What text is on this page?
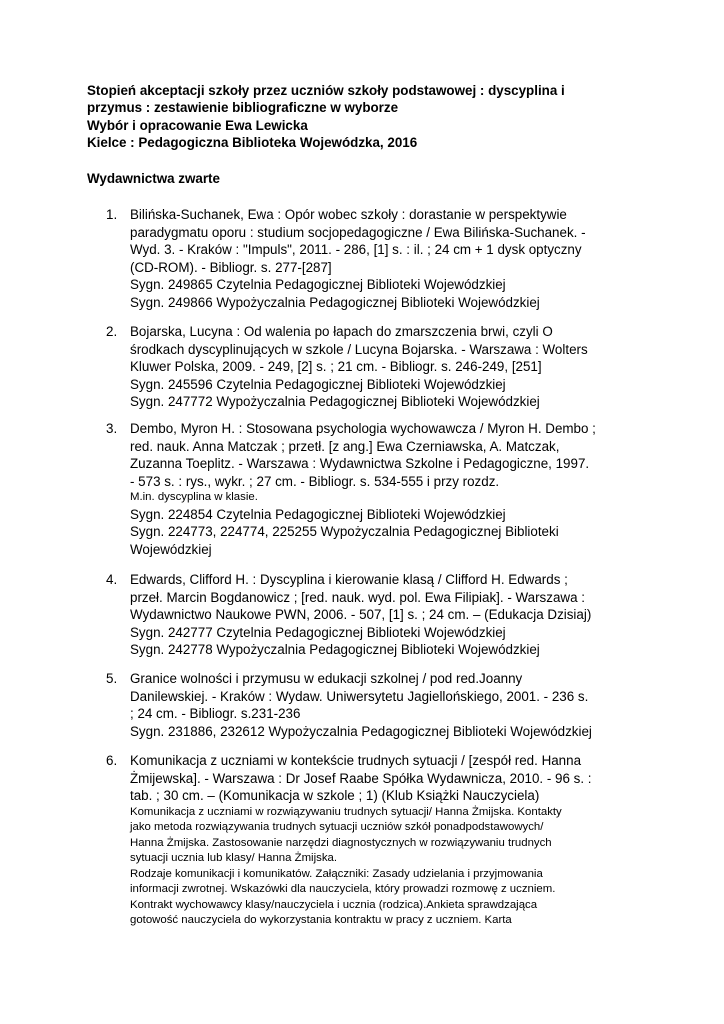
Stopień akceptacji szkoły przez uczniów szkoły podstawowej : dyscyplina i

przymus : zestawienie bibliograficzne w wyborze

Wybór i opracowanie Ewa Lewicka

Kielce : Pedagogiczna Biblioteka Wojewódzka, 2016

Wydawnictwa zwarte

1. Bilińska-Suchanek, Ewa : Opór wobec szkoły : dorastanie w perspektywie
paradygmatu oporu : studium socjopedagogiczne / Ewa Bilińska-Suchanek. -
Wyd. 3. - Kraków : "Impuls", 2011. - 286, [1] s. : il. ; 24 cm + 1 dysk optyczny
(CD-ROM). - Bibliogr. s. 277-[287]

Sygn. 249865 Czytelnia Pedagogicznej Biblioteki Wojewódzkiej
Sygn. 249866 Wypożyczalnia Pedagogicznej Biblioteki Wojewódzkiej

2. Bojarska, Lucyna : Od walenia po łapach do zmarszczenia brwi, czyli O
środkach dyscyplinujących w szkole / Lucyna Bojarska. - Warszawa : Wolters
Kluwer Polska, 2009. - 249, [2] s. ; 21 cm. - Bibliogr. s. 246-249, [251]

Sygn. 245596 Czytelnia Pedagogicznej Biblioteki Wojewódzkiej
Sygn. 247772 Wypożyczalnia Pedagogicznej Biblioteki Wojewódzkiej

3. Dembo, Myron H. : Stosowana psychologia wychowawcza / Myron H. Dembo ;
red. nauk. Anna Matczak ; przetł. [z ang.] Ewa Czerniawska, A. Matczak,
Zuzanna Toeplitz. - Warszawa : Wydawnictwa Szkolne i Pedagogiczne, 1997.
- 573 s. : rys., wykr. ; 27 cm. - Bibliogr. s. 534-555 i przy rozdz.

M.in. dyscyplina w klasie.

Sygn. 224854 Czytelnia Pedagogicznej Biblioteki Wojewódzkiej
Sygn. 224773, 224774, 225255 Wypożyczalnia Pedagogicznej Biblioteki
Wojewódzkiej

4. Edwards, Clifford H. : Dyscyplina i kierowanie klasą / Clifford H. Edwards ;
przeł. Marcin Bogdanowicz ; [red. nauk. wyd. pol. Ewa Filipiak]. - Warszawa :
Wydawnictwo Naukowe PWN, 2006. - 507, [1] s. ; 24 cm. – (Edukacja Dzisiaj)

Sygn. 242777 Czytelnia Pedagogicznej Biblioteki Wojewódzkiej
Sygn. 242778 Wypożyczalnia Pedagogicznej Biblioteki Wojewódzkiej

5. Granice wolności i przymusu w edukacji szkolnej / pod red.Joanny
Danilewskiej. - Kraków : Wydaw. Uniwersytetu Jagiellońskiego, 2001. - 236 s.
; 24 cm. - Bibliogr. s.231-236

Sygn. 231886, 232612 Wypożyczalnia Pedagogicznej Biblioteki Wojewódzkiej

6. Komunikacja z uczniami w kontekście trudnych sytuacji / [zespół red. Hanna
Żmijewska]. - Warszawa : Dr Josef Raabe Spółka Wydawnicza, 2010. - 96 s. :
tab. ; 30 cm. – (Komunikacja w szkole ; 1) (Klub Książki Nauczyciela)

Komunikacja z uczniami w rozwiązywaniu trudnych sytuacji/ Hanna Żmijska. Kontakty
jako metoda rozwiązywania trudnych sytuacji uczniów szkół ponadpodstawowych/
Hanna Żmijska. Zastosowanie narzędzi diagnostycznych w rozwiązywaniu trudnych
sytuacji ucznia lub klasy/ Hanna Żmijska.
Rodzaje komunikacji i komunikatów. Załączniki: Zasady udzielania i przyjmowania
informacji zwrotnej. Wskazówki dla nauczyciela, który prowadzi rozmowę z uczniem.
Kontrakt wychowawcy klasy/nauczyciela i ucznia (rodzica).Ankieta sprawdzająca
gotowość nauczyciela do wykorzystania kontraktu w pracy z uczniem. Karta
